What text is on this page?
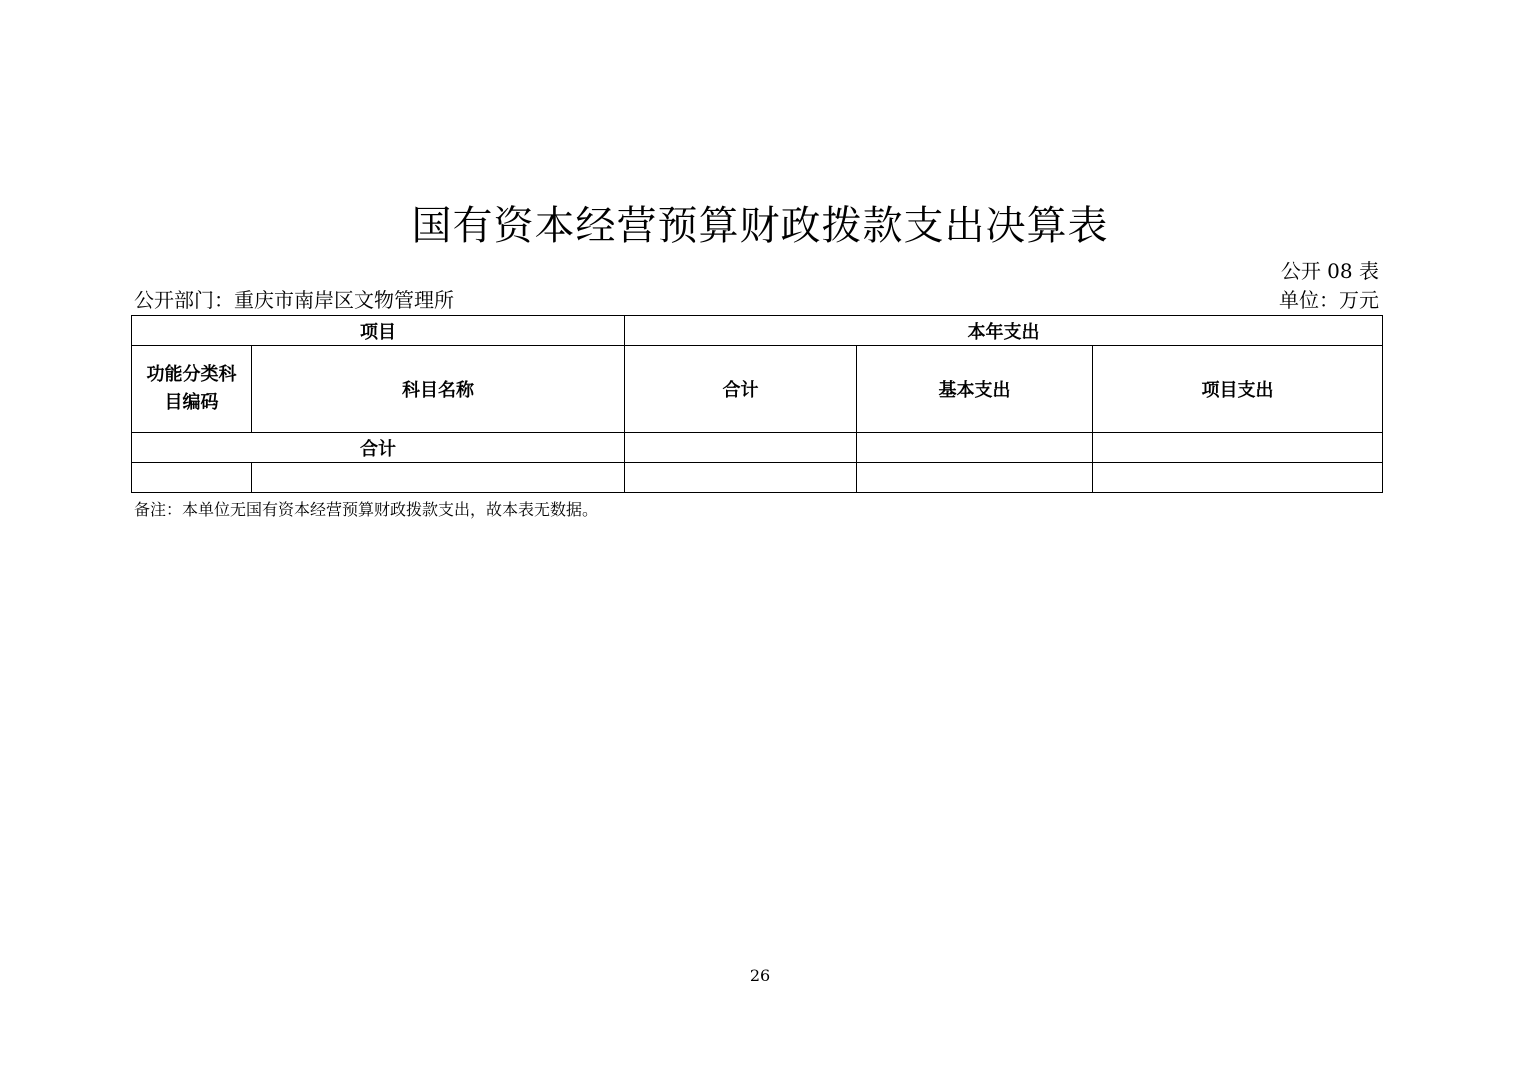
国有资本经营预算财政拨款支出决算表
公开 08 表
公开部门：重庆市南岸区文物管理所	单位：万元
项目		本年支出		

功能分类科目编码	科目名称	合计	基本支出	项目支出
合计				

备注：本单位无国有资本经营预算财政拨款支出，故本表无数据。
26
